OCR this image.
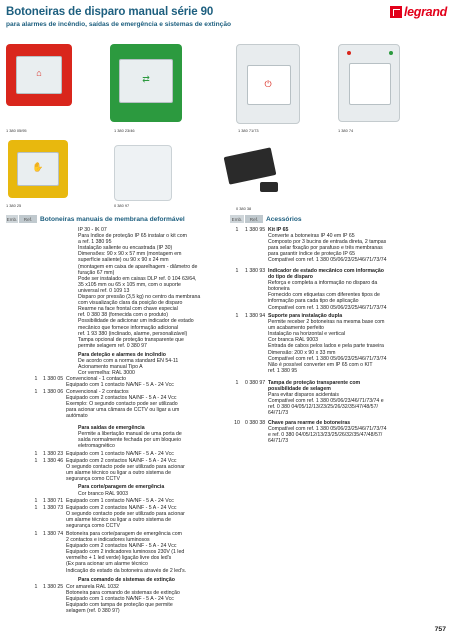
Botoneiras de disparo manual série 90
para alarmes de incêndio, saídas de emergência e sistemas de extinção
legrand
⌂
1 380 05/95
⇄
1 380 23/46
⏻
1 380 71/73	1 380 74
✋
1 380 25	0 380 97
0 380 38
Emb.	Ref.	Botoneiras manuais de membrana deformável	Emb.	Ref.	Acessórios
IP 30 - IK 07
Para índice de proteção IP 65 instalar o kit com
a ref. 1 380 95
Instalação saliente ou encastrada (IP 30)
Dimensões: 90 x 90 x 57 mm (montagem em
superfície saliente) ou 90 x 90 x 24 mm
(montagem em caixa de aparelhagem - diâmetro de
furação 67 mm)
Pode ser instalado em caixas DLP ref. 0 104 63/64,
35 x105 mm ou 65 x 105 mm, com o suporte
universal ref. 0 109 13
Disparo por pressão (3,5 kg) no centro da membrana
com visualização clara da posição de disparo
Rearme na face frontal com chave especial
ref. 0 380 38 (fornecida com o produto)
Possibilidade de adicionar um indicador de estado
mecânico que fornece informação adicional
ref. 1 93 380 (inclinado, alarme, personalizável)
Tampa opcional de proteção transparente que
permite selagem ref. 0 380 97
Para deteção e alarmes de incêndio
De acordo com a norma standard EN 54-11
Acionamento manual Tipo A
Cor vermelha: RAL 3000
1	1 380 05 Convencional - 1 contacto
Equipado com 1 contacto NA/NF - 5 A - 24 Vcc
1	1 380 06 Convencional - 2 contactos
Equipado com 2 contactos NA/NF - 5 A - 24 Vcc
Exemplo: O segundo contacto pode ser utilizado
para acionar uma câmara de CCTV ou ligar a um
autómato
Para saídas de emergência
Permite a libertação manual de uma porta de
saída normalmente fechada por um bloqueio
eletromagnético
1	1 380 23 Equipado com 1 contacto NA/NF - 5 A - 24 Vcc
1	1 380 46 Equipado com 2 contactos NA/NF - 5 A - 24 Vcc
O segundo contacto pode ser utilizado para acionar
um alarme técnico ou ligar a outro sistema de
segurança como CCTV
Para corte/paragem de emergência
Cor branco RAL 9003
1	1 380 71 Equipado com 1 contacto NA/NF - 5 A - 24 Vcc
1	1 380 73 Equipado com 2 contactos NA/NF - 5 A - 24 Vcc
O segundo contacto pode ser utilizado para acionar
um alarme técnico ou ligar a outro sistema de
segurança como CCTV
1	1 380 74 Botoneira para corte/paragem de emergência com
2 contactos e indicadores luminosos
Equipado com 2 contactos NA/NF - 5 A - 24 Vcc
Equipado com 2 indicadores luminosos 230V (1 led
vermelho + 1 led verde) ligação livre dos led's
(Ex para acionar um alarme técnico
Indicação do estado da botoneira através de 2 led's.
Para comando de sistemas de extinção
1	1 380 25 Cor amarela RAL 1032
Botoneira para comando de sistemas de extinção
Equipado com 1 contacto NA/NF - 5 A - 24 Vcc
Equipado com tampa de proteção que permite
selagem (ref. 0 380 97)
1	1 380 95 Kit IP 65
Converte a botoneiras IP 40 em IP 65
Composto por 3 bucins de entrada direta, 2 tampas
para selar fixação por parafuso e três membranas
para garantir índice de proteção IP 65
Compatível com ref. 1 380 05/06/23/25/46/71/73/74
1	1 380 93 Indicador de estado mecânico com informação
do tipo de disparo
Reforça e completa a informação no disparo da
botoneira
Fornecido com etiquetas com diferentes tipos de
informação para cada tipo de aplicação
Compatível com ref. 1 380 05/06/23/25/46/71/73/74
1	1 380 94 Suporte para instalação dupla
Permite receber 2 botoneiras na mesma base com
um acabamento perfeito
Instalação na horizontal e vertical
Cor branca RAL 9003
Entrada de cabos pelos lados e pela parte traseira
Dimensão: 200 x 90 x 33 mm
Compatível com ref. 1 380 05/06/23/25/46/71/73/74
Não é possível converter em IP 65 com o KIT
ref. 1 380 95
1	0 380 97 Tampa de proteção transparente com
possibilidade de selagem
Para evitar disparos acidentais
Compatível com ref. 1 380 05/06/23/46/71/73/74 e
ref. 0 380 04/05/12/13/23/25/26/32/35/47/48/57/
64/71/73
10 0 380 38 Chave para rearme de botoneiras
Compatível com ref. 1 380 05/06/23/25/46/71/73/74
e ref. 0 380 04/05/12/13/23/25/26/32/35/47/48/57/
64/71/73
757
